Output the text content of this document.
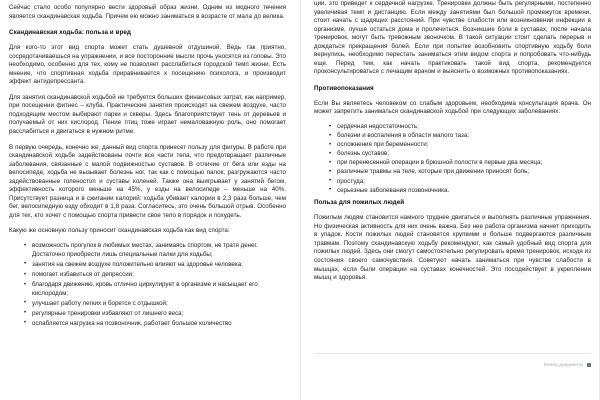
Сейчас стало особо популярно вести здоровый образ жизни. Одним из модного течения является скандинавская ходьба. Причем ею можно заниматься в возрасте от мала до велика.

Скандинавская ходьба: польза и вред

Для кого-то этот вид спорта может стать душевной отдушиной. Ведь так приятно, сосредотачиваешься на упражнении, и все посторонние мысли прочь уносятся из головы. Это необходимо, особенно для тех, кому не позволяет расслабиться городской темп жизни. Есть мнение, что спортивная ходьба приравнивается к посещению психолога, и производит эффект антидепрессанта.

Для занятия скандинавской ходьбой не требуется больших финансовых затрат, как например, при посещении фитнес – клуба. Практические занятия происходят на свежем воздухе, часто подходящим местом выбирают парки и скверы. Здесь благоприятствует тень от деревьев и получаемый от них кислород. Пение птиц тоже играет немаловажную роль, оно помогает расслабиться и двигаться в нужном ритме.

В первую очередь, конечно же, данный вид спорта принесет пользу для фигуры. В работе при скандинавской ходьбе задействованы почти все части тела, что предотвращает различные заболевания, связанные с малой подвижностью суставов. В отличие от бега или езды на велосипеде, ходьба не вызывает болезнь ног, так как с помощью палок, разгружаются часто задействованные голеностоп и суставы коленей. Также она выигрывает у занятий бегом, эффективность которого меньше на 45%, у езды на велосипеде – меньше на 40%. Присутствует разница и в сжигании калорий: ходьба убивает калории в 2,3 раза больше, чем бег, велосипедную езду обходит в 1,8 раза. Согласитесь, это очень большой отрыв. Особенно для тех, кто хочет с помощью спорта привести свое тело в порядок и похудеть.

Какую же основную пользу приносит скандинавская ходьба как вид спорта:

• возможность прогулок в любимых местах, занимаясь спортом, не тратя денег. Достаточно приобрести лишь специальные палки для ходьбы;
• занятия на свежем воздухе положительно влияют на здоровье человека;
• помогает избавиться от депрессии;
• благодаря движению, кровь отлично циркулирует в организме и насыщает его кислородом;
• улучшает работу легких и борется с отдышкой;
• регулярные тренировки избавляют от лишнего веса;
• ослабляется нагрузка на позвоночник, работает большое количество

ции, это приведет к сердечной нагрузке. Тренировки должны быть регулярными, постепенно увеличивая темп и дистанцию. Если между занятиями был большой промежуток времени, стоит начать с щадящих расстояний. При чувстве слабости или возникновении инфекции в организме, лучше остаться дома и пролечиться. Возникшие боли в суставах, после начала тренировок, могут быть тревожным звоночком. В такой ситуации стоит сделать перерыв и дождаться прекращения болей. Если при попытке возобновить спортивную ходьбу боли вернулись, необходимо перестать заниматься этим видом спорта и попробовать что-нибудь еще. Перед тем, как начать практиковать такой вид спорта, рекомендуется проконсультироваться с лечащим врачом и выяснить о возможных противопоказаниях.

Противопоказания

Если Вы являетесь человеком со слабым здоровьем, необходима консультация врача. Он может запретить заниматься скандинавской ходьбой при следующих заболеваниях:

• сердечная недостаточность;
• болезни и воспаления в области малого таза;
• осложнения при беременности;
• болезнь суставов;
• при перенесенной операции в брюшной полости в первые два месяца;
• различные травмы на теле, которые при движении приносят боль;
• простуда;
• серьезные заболевания позвоночника.
Польза для пожилых людей

Пожилым людям становится намного труднее двигаться и выполнять различные упражнения. Но физическая активность для них очень важна. Без нее работа организма начнет приходить в упадок. Кости пожилых людей становятся хрупкими и больше подвергаются различным травмам. Поэтому скандинавскую ходьбу рекомендуют, как самый удобный вид спорта для пожилых людей. Здесь они смогут самостоятельно регулировать время тренировок, исходя из состояния своего самочувствия. Советуют начать заниматься при чувстве слабости в мышцах, если были операции на суставах конечностей. Это посодействует в укреплении мышц и здоровья.

Конец документа
